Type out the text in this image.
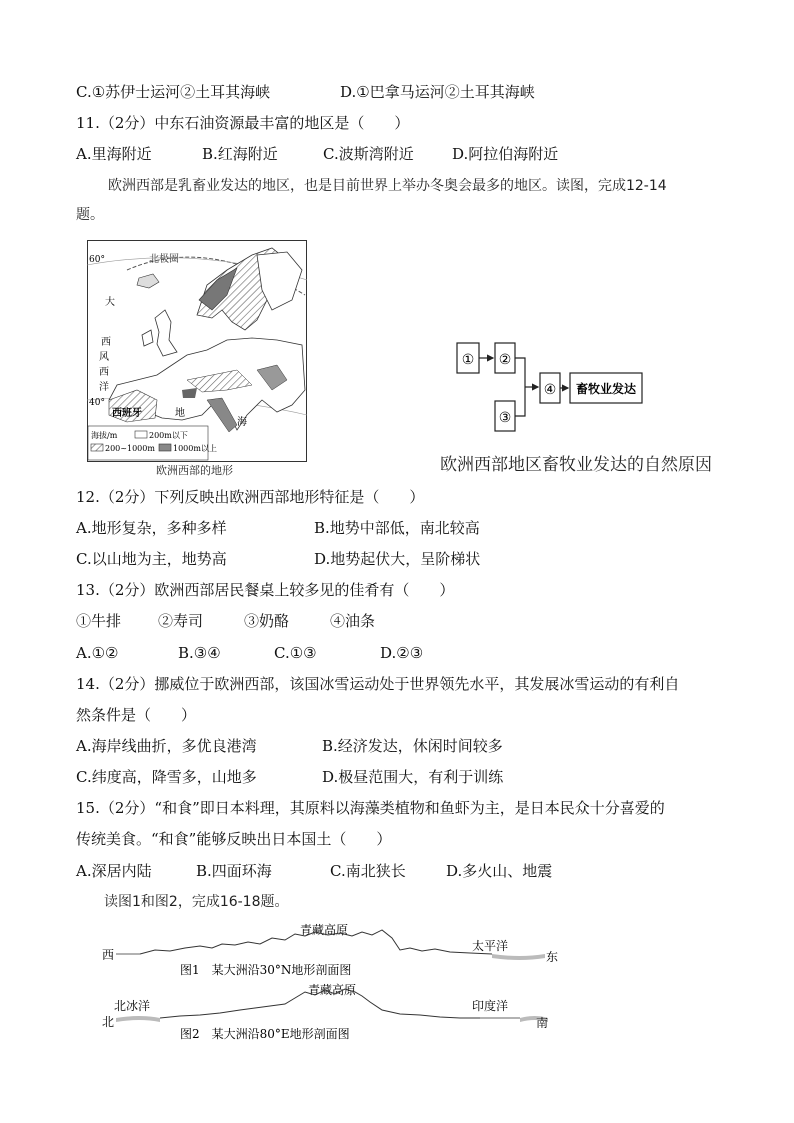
C.①苏伊士运河②土耳其海峡	D.①巴拿马运河②土耳其海峡
11.（2分）中东石油资源最丰富的地区是（　　）
A.里海附近	B.红海附近	C.波斯湾附近	D.阿拉伯海附近
欧洲西部是乳畜业发达的地区，也是目前世界上举办冬奥会最多的地区。读图，完成12-14
题。
北极圈
60°
40°
大
西
风
西
洋
西班牙	地
海
海拔/m	200m以下
200~1000m 1000m以上
欧洲西部的地形
① ②
③
④ 畜牧业发达
欧洲西部地区畜牧业发达的自然原因
12.（2分）下列反映出欧洲西部地形特征是（　　）
A.地形复杂，多种多样	B.地势中部低，南北较高
C.以山地为主，地势高	D.地势起伏大，呈阶梯状
13.（2分）欧洲西部居民餐桌上较多见的佳肴有（　　）
①牛排 ②寿司	③奶酪	④油条
A.①②	B.③④	C.①③	D.②③
14.（2分）挪威位于欧洲西部，该国冰雪运动处于世界领先水平，其发展冰雪运动的有利自
然条件是（　　）
A.海岸线曲折，多优良港湾	B.经济发达，休闲时间较多
C.纬度高，降雪多，山地多	D.极昼范围大，有利于训练
15.（2分）“和食”即日本料理，其原料以海藻类植物和鱼虾为主，是日本民众十分喜爱的
传统美食。“和食”能够反映出日本国土（　　）
A.深居内陆	B.四面环海	C.南北狭长	D.多火山、地震
读图1和图2，完成16-18题。
青藏高原
西
太平洋
东
图1　某大洲沿30°N地形剖面图
青藏高原
北冰洋
北
印度洋
南
图2　某大洲沿80°E地形剖面图
